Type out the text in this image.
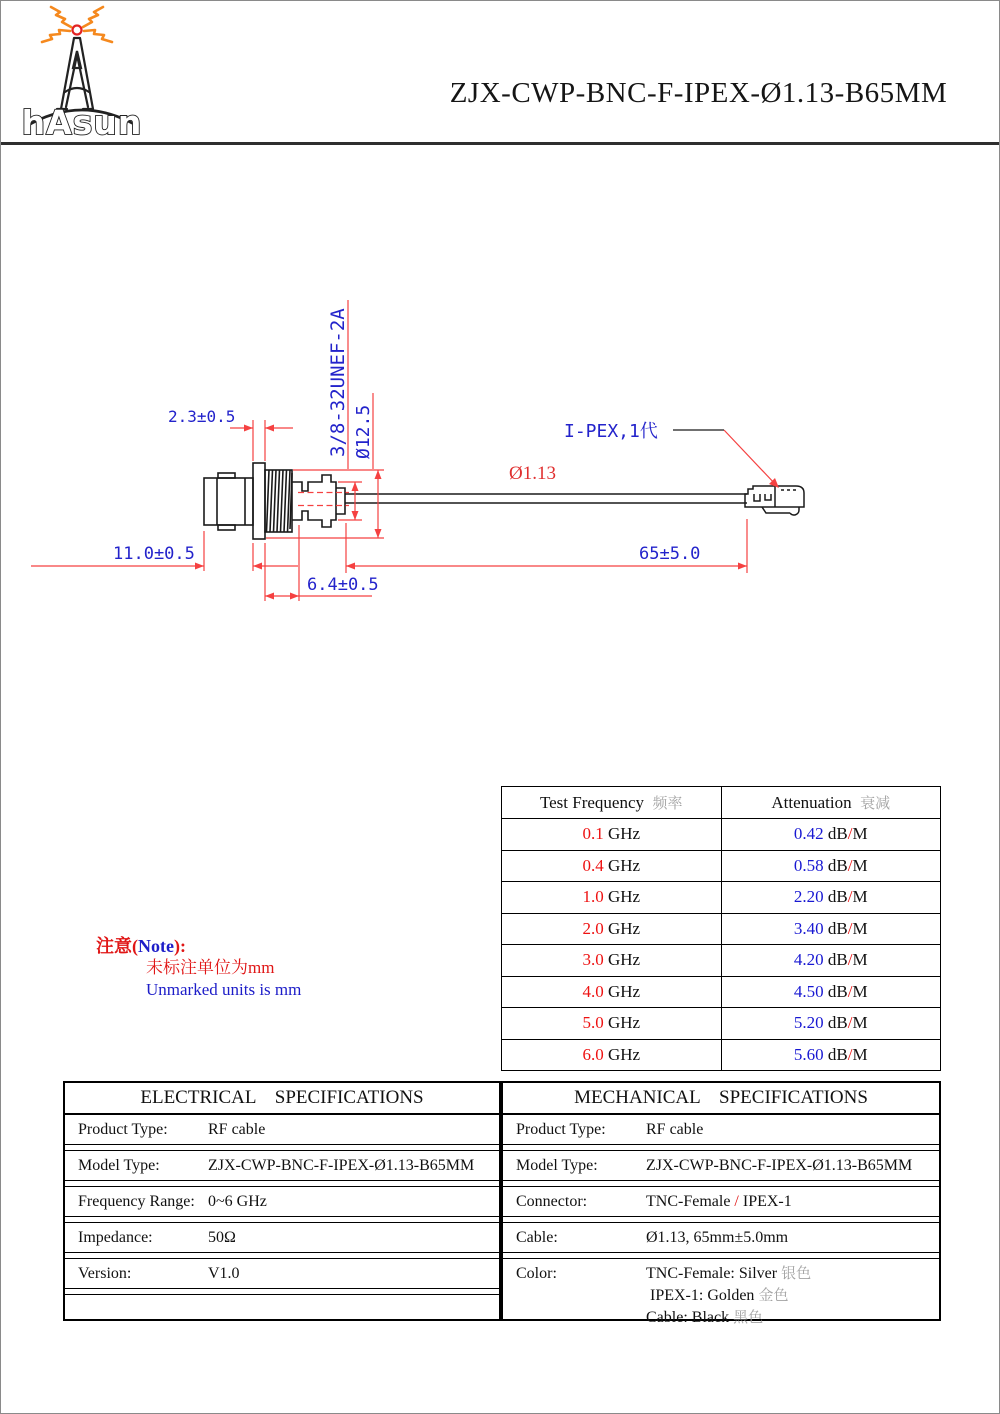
hAsun
ZJX-CWP-BNC-F-IPEX-Ø1.13-B65MM
2.3±0.5	3/8-32UNEF-2A Ø12.5
11.0±0.5
6.4±0.5
65±5.0
Ø1.13
I-PEX,1代
注意(Note):
未标注单位为mm
Unmarked units is mm
Test Frequency 频率	Attenuation 衰减
0.1 GHz	0.42 dB/M
0.4 GHz	0.58 dB/M
1.0 GHz	2.20 dB/M
2.0 GHz	3.40 dB/M
3.0 GHz	4.20 dB/M
4.0 GHz	4.50 dB/M
5.0 GHz	5.20 dB/M
6.0 GHz	5.60 dB/M
ELECTRICAL    SPECIFICATIONS
Product Type:	RF cable
Model Type:	ZJX-CWP-BNC-F-IPEX-Ø1.13-B65MM
Frequency Range: 0~6 GHz
Impedance:	50Ω
Version:	V1.0
MECHANICAL    SPECIFICATIONS
Product Type:	RF cable
Model Type:	ZJX-CWP-BNC-F-IPEX-Ø1.13-B65MM
Connector:	TNC-Female / IPEX-1
Cable:	Ø1.13, 65mm±5.0mm
Color:	TNC-Female: Silver 银色
IPEX-1: Golden 金色
Cable: Black 黑色
